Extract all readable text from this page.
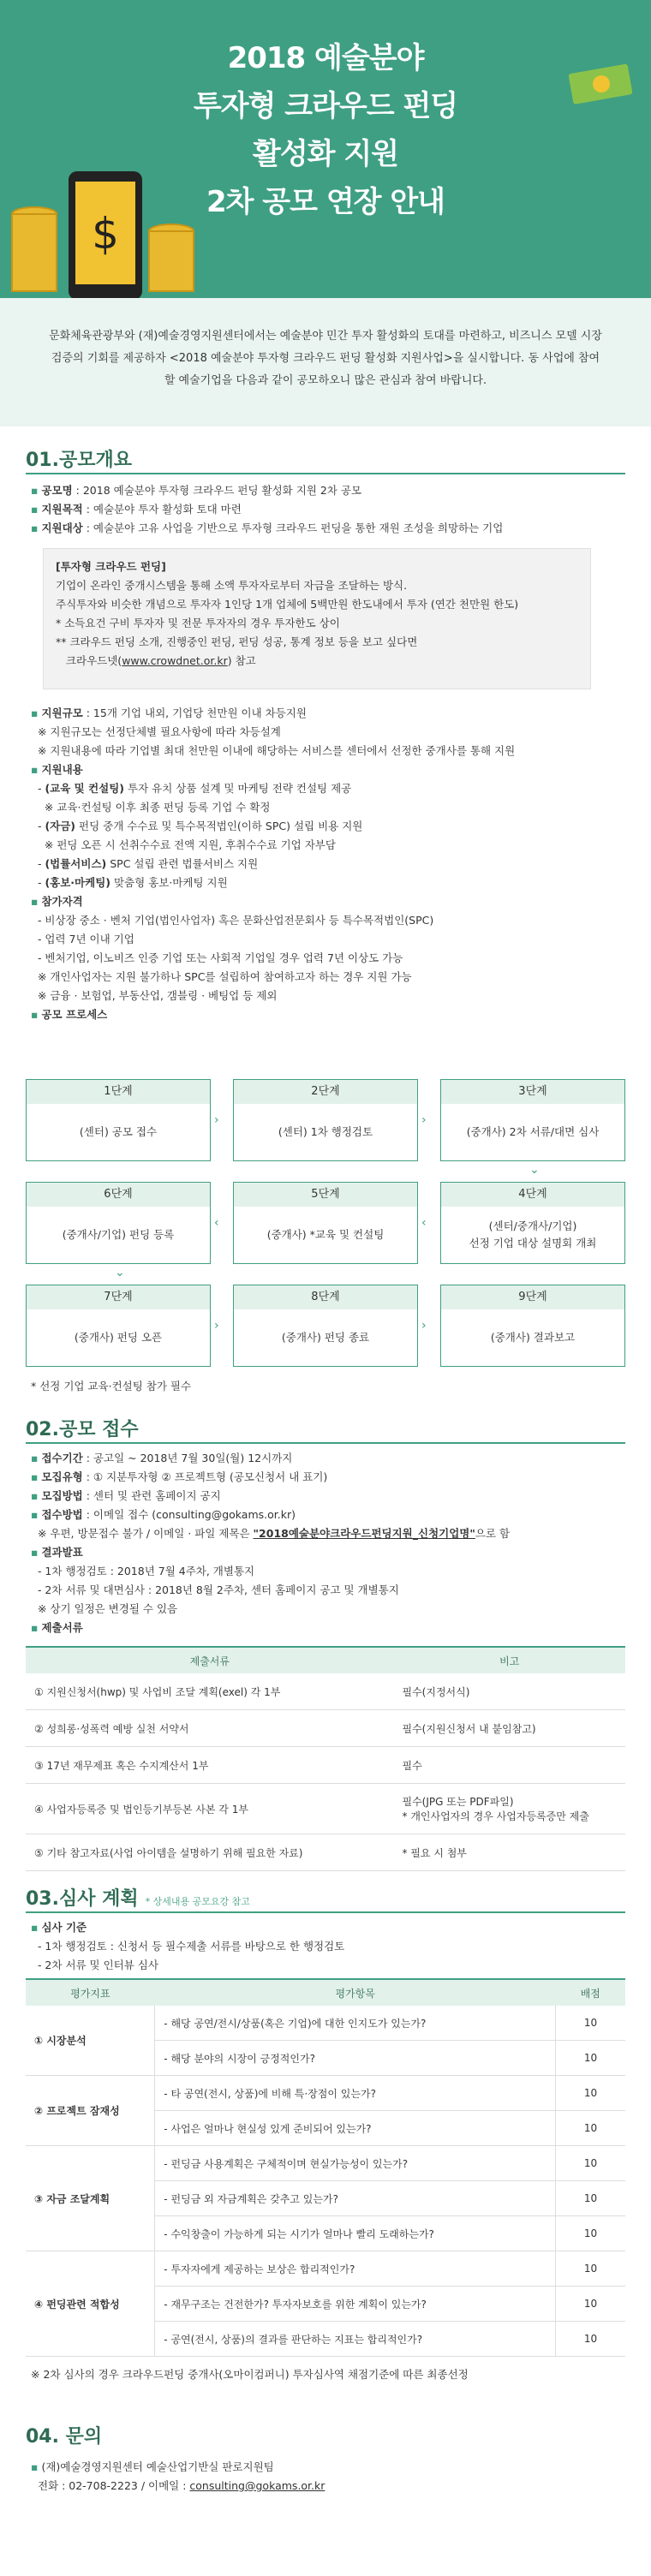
2018 예술분야
투자형 크라우드 펀딩
활성화 지원
2차 공모 연장 안내
$

문화체육관광부와 (재)예술경영지원센터에서는 예술분야 민간 투자 활성화의 토대를 마련하고, 비즈니스 모델 시장 검증의 기회를 제공하자 <2018 예술분야 투자형 크라우드 펀딩 활성화 지원사업>을 실시합니다. 동 사업에 참여할 예술기업을 다음과 같이 공모하오니 많은 관심과 참여 바랍니다.

01.공모개요
▪ 공모명 : 2018 예술분야 투자형 크라우드 펀딩 활성화 지원 2차 공모
▪ 지원목적 : 예술분야 투자 활성화 토대 마련
▪ 지원대상 : 예술분야 고유 사업을 기반으로 투자형 크라우드 펀딩을 통한 재원 조성을 희망하는 기업
[투자형 크라우드 펀딩]
기업이 온라인 중개시스템을 통해 소액 투자자로부터 자금을 조달하는 방식.
주식투자와 비슷한 개념으로 투자자 1인당 1개 업체에 5백만원 한도내에서 투자 (연간 천만원 한도)
* 소득요건 구비 투자자 및 전문 투자자의 경우 투자한도 상이
** 크라우드 펀딩 소개, 진행중인 펀딩, 펀딩 성공, 통계 정보 등을 보고 싶다면
크라우드넷(www.crowdnet.or.kr) 참고
▪ 지원규모 : 15개 기업 내외, 기업당 천만원 이내 차등지원
※ 지원규모는 선정단체별 필요사항에 따라 차등설계
※ 지원내용에 따라 기업별 최대 천만원 이내에 해당하는 서비스를 센터에서 선정한 중개사를 통해 지원
▪ 지원내용
- (교육 및 컨설팅) 투자 유치 상품 설계 및 마케팅 전략 컨설팅 제공
※ 교육·컨설팅 이후 최종 펀딩 등록 기업 수 확정
- (자금) 펀딩 중개 수수료 및 특수목적법인(이하 SPC) 설립 비용 지원
※ 펀딩 오픈 시 선취수수료 전액 지원, 후취수수료 기업 자부담
- (법률서비스) SPC 설립 관련 법률서비스 지원
- (홍보·마케팅) 맞춤형 홍보·마케팅 지원
▪ 참가자격
- 비상장 중소 · 벤처 기업(법인사업자) 혹은 문화산업전문회사 등 특수목적법인(SPC)
- 업력 7년 이내 기업
- 벤처기업, 이노비즈 인증 기업 또는 사회적 기업일 경우 업력 7년 이상도 가능
※ 개인사업자는 지원 불가하나 SPC를 설립하여 참여하고자 하는 경우 지원 가능
※ 금융 · 보험업, 부동산업, 갬블링 · 베팅업 등 제외
▪ 공모 프로세스
1단계
(센터) 공모 접수
2단계
(센터) 1차 행정검토
3단계
(중개사) 2차 서류/대면 심사
4단계
(센터/중개사/기업)
선정 기업 대상 설명회 개최
5단계
(중개사) *교육 및 컨설팅
6단계
(중개사/기업) 펀딩 등록
7단계
(중개사) 펀딩 오픈
8단계
(중개사) 펀딩 종료
9단계
(중개사) 결과보고
›	›
⌄
‹
‹
⌄
›	›
* 선정 기업 교육·컨설팅 참가 필수
02.공모 접수
▪ 접수기간 : 공고일 ~ 2018년 7월 30일(월) 12시까지
▪ 모집유형 : ① 지분투자형 ② 프로젝트형 (공모신청서 내 표기)
▪ 모집방법 : 센터 및 관련 홈페이지 공지
▪ 접수방법 : 이메일 접수 (consulting@gokams.or.kr)
※ 우편, 방문접수 불가 / 이메일 · 파일 제목은 "2018예술분야크라우드펀딩지원_신청기업명"으로 함
▪ 결과발표
- 1차 행정검토 : 2018년 7월 4주차, 개별통지
- 2차 서류 및 대면심사 : 2018년 8월 2주차, 센터 홈페이지 공고 및 개별통지
※ 상기 일정은 변경될 수 있음
▪ 제출서류
제출서류	비고
① 지원신청서(hwp) 및 사업비 조달 계획(exel) 각 1부	필수(지정서식)
② 성희롱·성폭력 예방 실천 서약서	필수(지원신청서 내 붙임참고)
③ 17년 재무제표 혹은 수지계산서 1부	필수
④ 사업자등록증 및 법인등기부등본 사본 각 1부	필수(JPG 또는 PDF파일)
* 개인사업자의 경우 사업자등록증만 제출
⑤ 기타 참고자료(사업 아이템을 설명하기 위해 필요한 자료)	* 필요 시 첨부
03.심사 계획 * 상세내용 공모요강 참고
▪ 심사 기준
- 1차 행정검토 : 신청서 등 필수제출 서류를 바탕으로 한 행정검토
- 2차 서류 및 인터뷰 심사
평가지표	평가항목	배점
① 시장분석	- 해당 공연/전시/상품(혹은 기업)에 대한 인지도가 있는가?	10
	- 해당 분야의 시장이 긍정적인가?	10
② 프로젝트 잠재성	- 타 공연(전시, 상품)에 비해 특·장점이 있는가?	10
	- 사업은 얼마나 현실성 있게 준비되어 있는가?	10
③ 자금 조달계획	- 펀딩금 사용계획은 구체적이며 현실가능성이 있는가?	10
	- 펀딩금 외 자금계획은 갖추고 있는가?	10
	- 수익창출이 가능하게 되는 시기가 얼마나 빨리 도래하는가?	10
④ 펀딩관련 적합성	- 투자자에게 제공하는 보상은 합리적인가?	10
	- 재무구조는 건전한가? 투자자보호를 위한 계획이 있는가?	10
	- 공연(전시, 상품)의 결과를 판단하는 지표는 합리적인가?	10
※ 2차 심사의 경우 크라우드펀딩 중개사(오마이컴퍼니) 투자심사역 채점기준에 따른 최종선정
04. 문의
▪ (재)예술경영지원센터 예술산업기반실 판로지원팀
전화 : 02-708-2223 / 이메일 : consulting@gokams.or.kr
